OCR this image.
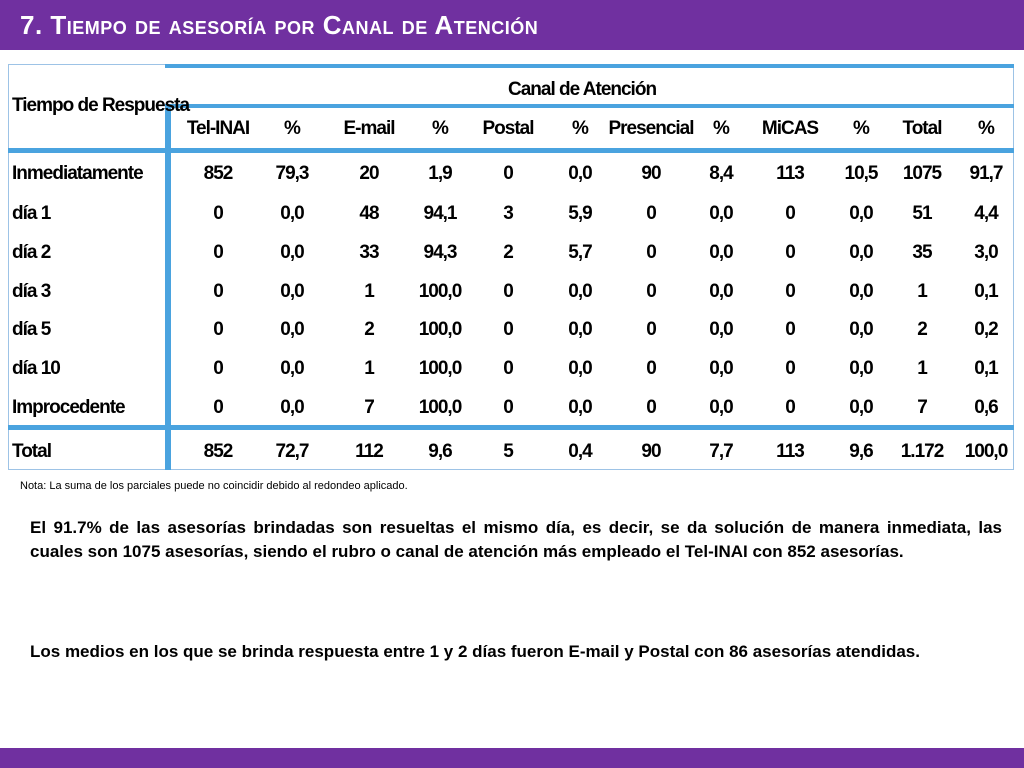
7. Tiempo de asesoría por Canal de Atención
Tiempo de Respuesta
Canal de Atención
Tel-INAI	%	E-mail	%	Postal	%	Presencial	%	MiCAS	%	Total	%
Inmediatamente	852	79,3	20	1,9	0	0,0	90	8,4	113	10,5	1075	91,7
día 1	0	0,0	48	94,1	3	5,9	0	0,0	0	0,0	51	4,4
día 2	0	0,0	33	94,3	2	5,7	0	0,0	0	0,0	35	3,0
día 3	0	0,0	1	100,0	0	0,0	0	0,0	0	0,0	1	0,1
día 5	0	0,0	2	100,0	0	0,0	0	0,0	0	0,0	2	0,2
día 10	0	0,0	1	100,0	0	0,0	0	0,0	0	0,0	1	0,1
Improcedente	0	0,0	7	100,0	0	0,0	0	0,0	0	0,0	7	0,6
Total	852	72,7	112	9,6	5	0,4	90	7,7	113	9,6	1.172	100,0
Nota: La suma de los parciales puede no coincidir debido al redondeo aplicado.
El 91.7% de las asesorías brindadas son resueltas el mismo día, es decir, se da solución de manera inmediata, las cuales son 1075 asesorías, siendo el rubro o canal de atención más empleado el Tel-INAI con 852 asesorías.
Los medios en los que se brinda respuesta entre 1 y 2 días fueron E-mail y Postal con 86 asesorías atendidas.
